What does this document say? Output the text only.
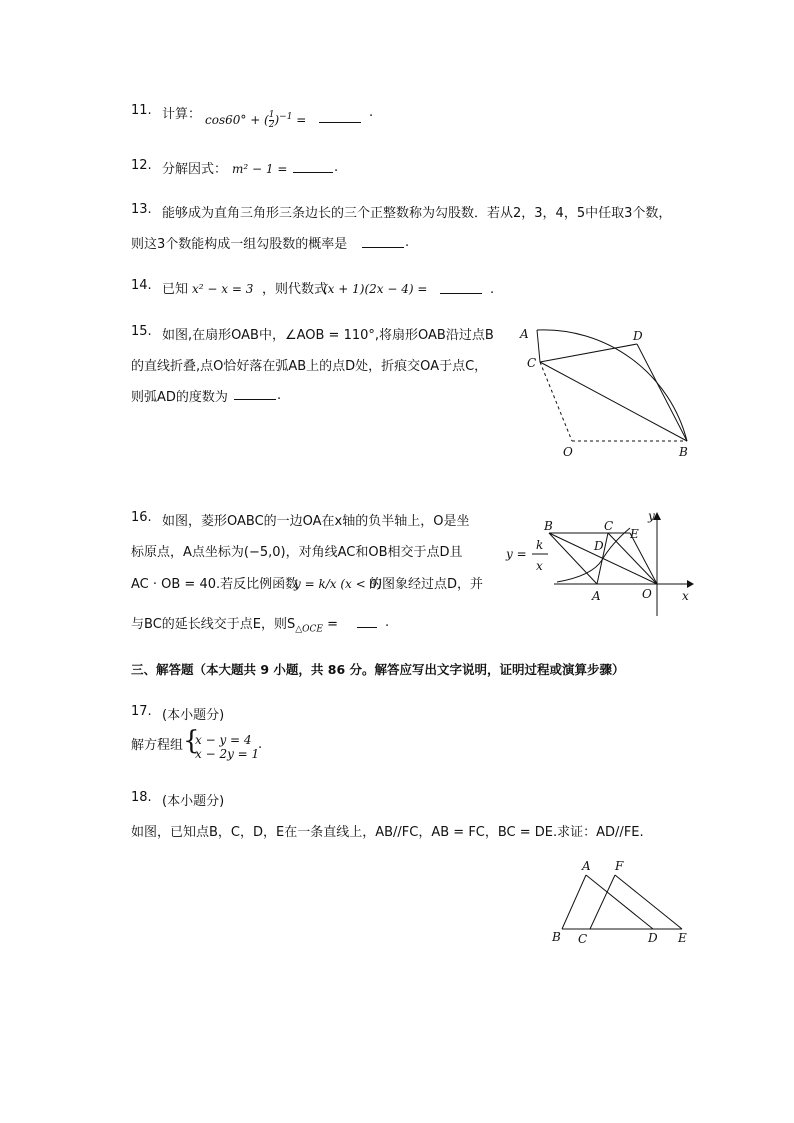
11. 计算： cos60° + ( $\frac{1}{2} )^{-1}$ =	.
12. 分解因式： m² − 1 =	.
13. 能够成为直角三角形三条边长的三个正整数称为勾股数．若从2，3，4，5中任取3个数，
则这3个数能构成一组勾股数的概率是	.
14. 已知 x² − x = 3 ，则代数式
(x + 1)(2x − 4) =	.
15. 如图,在扇形OAB中，∠AOB = 110°,将扇形OAB沿过点B
的直线折叠,点O恰好落在弧AB上的点D处，折痕交OA于点C，
则弧AD的度数为	.
A
C
D
O	B
16. 如图，菱形OABC的一边OA在x轴的负半轴上，O是坐
标原点，A点坐标为(−5,0)，对角线AC和OB相交于点D且
AC · OB = 40.若反比例函数
y = k/x (x < 0)
的图象经过点D，并
与BC的延长线交于点E，则$S_{\triangle OCE}$ =	.
B	C
E
D
A	O	x
y
y =
k
x
三、解答题（本大题共 9 小题，共 86 分。解答应写出文字说明，证明过程或演算步骤）
17. (本小题分)
解方程组 {
x − y = 4
x − 2y = 1
.
18. (本小题分)
如图，已知点B，C，D，E在一条直线上，AB//FC，AB = FC，BC = DE.求证：AD//FE.
A F
B C	D E
